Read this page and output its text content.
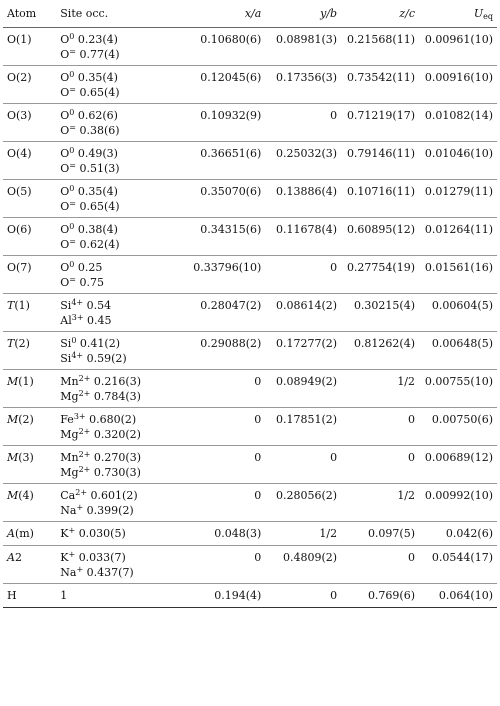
Atom	Site occ.	x/a	y/b	z/c	$U_{eq}$
O(1)	$O^0$ 0.23(4)
O= 0.77(4)	0.10680(6)	0.08981(3)	0.21568(11)	0.00961(10)
O(2)	$O^0$ 0.35(4)
O= 0.65(4)	0.12045(6)	0.17356(3)	0.73542(11)	0.00916(10)
O(3)	$O^0$ 0.62(6)
O= 0.38(6)	0.10932(9)	0	0.71219(17)	0.01082(14)
O(4)	$O^0$ 0.49(3)
O= 0.51(3)	0.36651(6)	0.25032(3)	0.79146(11)	0.01046(10)
O(5)	$O^0$ 0.35(4)
O= 0.65(4)	0.35070(6)	0.13886(4)	0.10716(11)	0.01279(11)
O(6)	$O^0$ 0.38(4)
O= 0.62(4)	0.34315(6)	0.11678(4)	0.60895(12)	0.01264(11)
O(7)	$O^0$ 0.25
O= 0.75	0.33796(10)	0	0.27754(19)	0.01561(16)
T(1)	$Si^{4+}$ 0.54
$Al^{3+}$ 0.45	0.28047(2)	0.08614(2)	0.30215(4)	0.00604(5)
T(2)	Si$^0$ 0.41(2)
$Si^{4+}$ 0.59(2)	0.29088(2)	0.17277(2)	0.81262(4)	0.00648(5)
M(1)	$Mn^{2+}$ 0.216(3)
$Mg^{2+}$ 0.784(3)	0	0.08949(2)	1/2	0.00755(10)
M(2)	$Fe^{3+}$ 0.680(2)
$Mg^{2+}$ 0.320(2)	0	0.17851(2)	0	0.00750(6)
M(3)	$Mn^{2+}$ 0.270(3)
$Mg^{2+}$ 0.730(3)	0	0	0	0.00689(12)
M(4)	$Ca^{2+}$ 0.601(2)
Na+ 0.399(2)	0	0.28056(2)	1/2	0.00992(10)
A(m)	K+ 0.030(5)	0.048(3)	1/2	0.097(5)	0.042(6)
A2	K+ 0.033(7)
Na+ 0.437(7)	0	0.4809(2)	0	0.0544(17)
H	1	0.194(4)	0	0.769(6)	0.064(10)
